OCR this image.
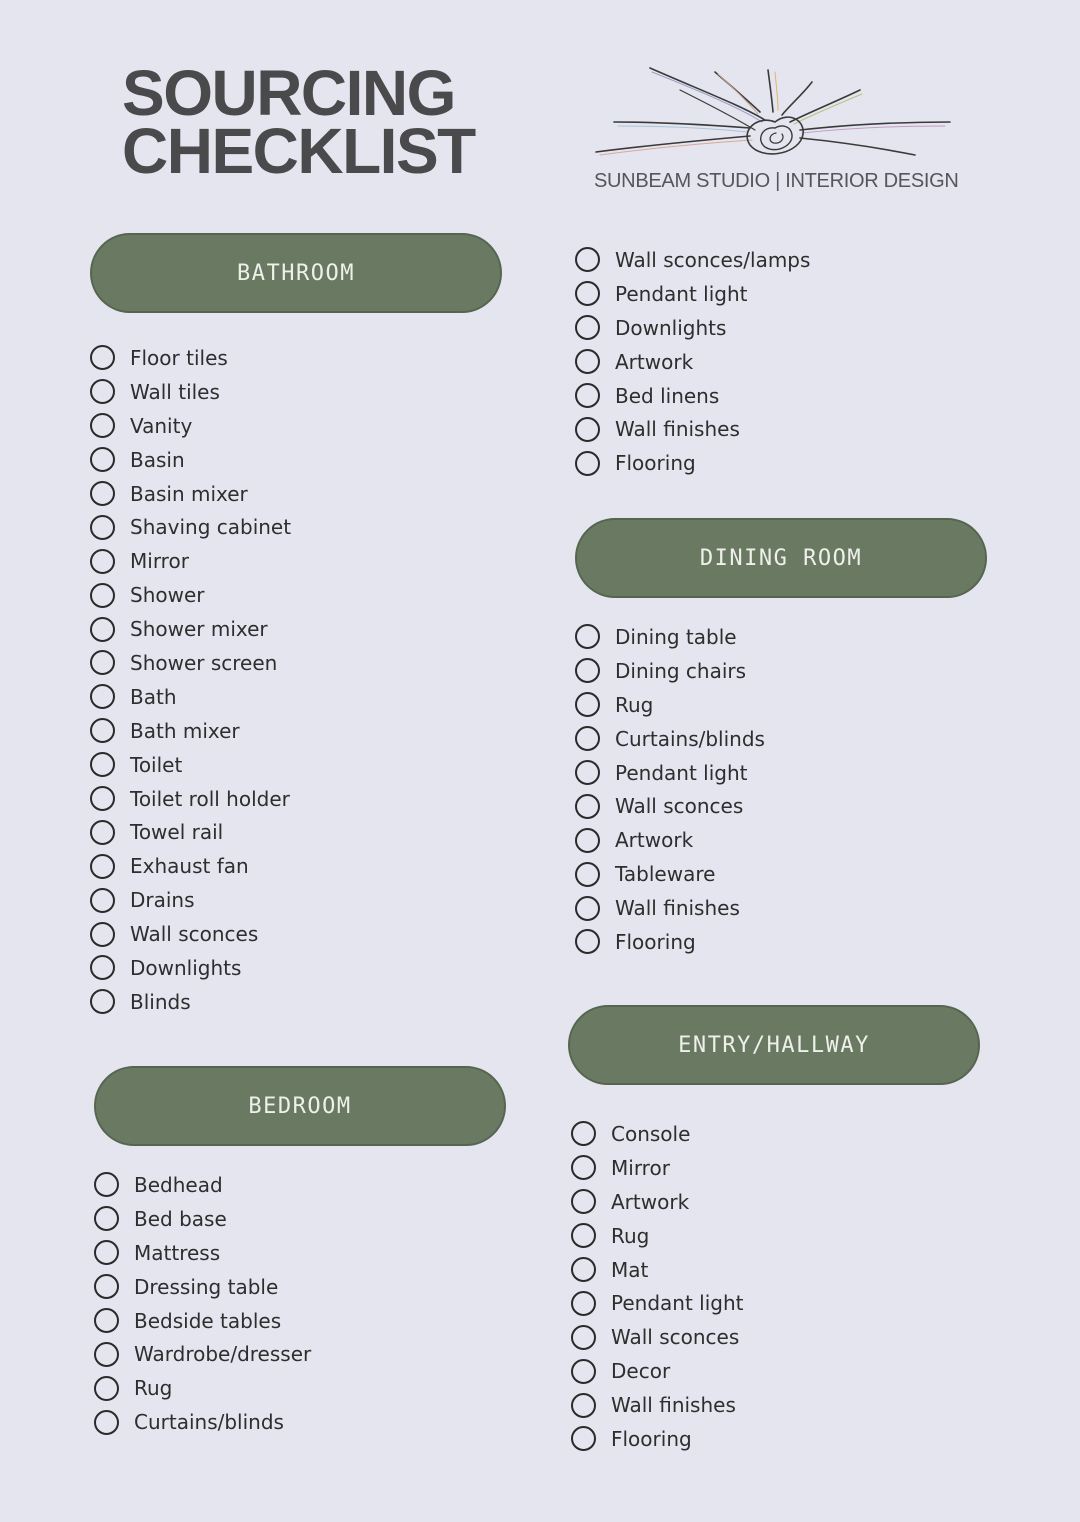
SOURCING
CHECKLIST	SUNBEAM STUDIO | INTERIOR DESIGN
BATHROOM
Floor tiles
Wall tiles
Vanity
Basin
Basin mixer
Shaving cabinet
Mirror
Shower
Shower mixer
Shower screen
Bath
Bath mixer
Toilet
Toilet roll holder
Towel rail
Exhaust fan
Drains
Wall sconces
Downlights
Blinds
BEDROOM
Bedhead
Bed base
Mattress
Dressing table
Bedside tables
Wardrobe/dresser
Rug
Curtains/blinds
Wall sconces/lamps
Pendant light
Downlights
Artwork
Bed linens
Wall finishes
Flooring
DINING ROOM
Dining table
Dining chairs
Rug
Curtains/blinds
Pendant light
Wall sconces
Artwork
Tableware
Wall finishes
Flooring
ENTRY/HALLWAY
Console
Mirror
Artwork
Rug
Mat
Pendant light
Wall sconces
Decor
Wall finishes
Flooring
